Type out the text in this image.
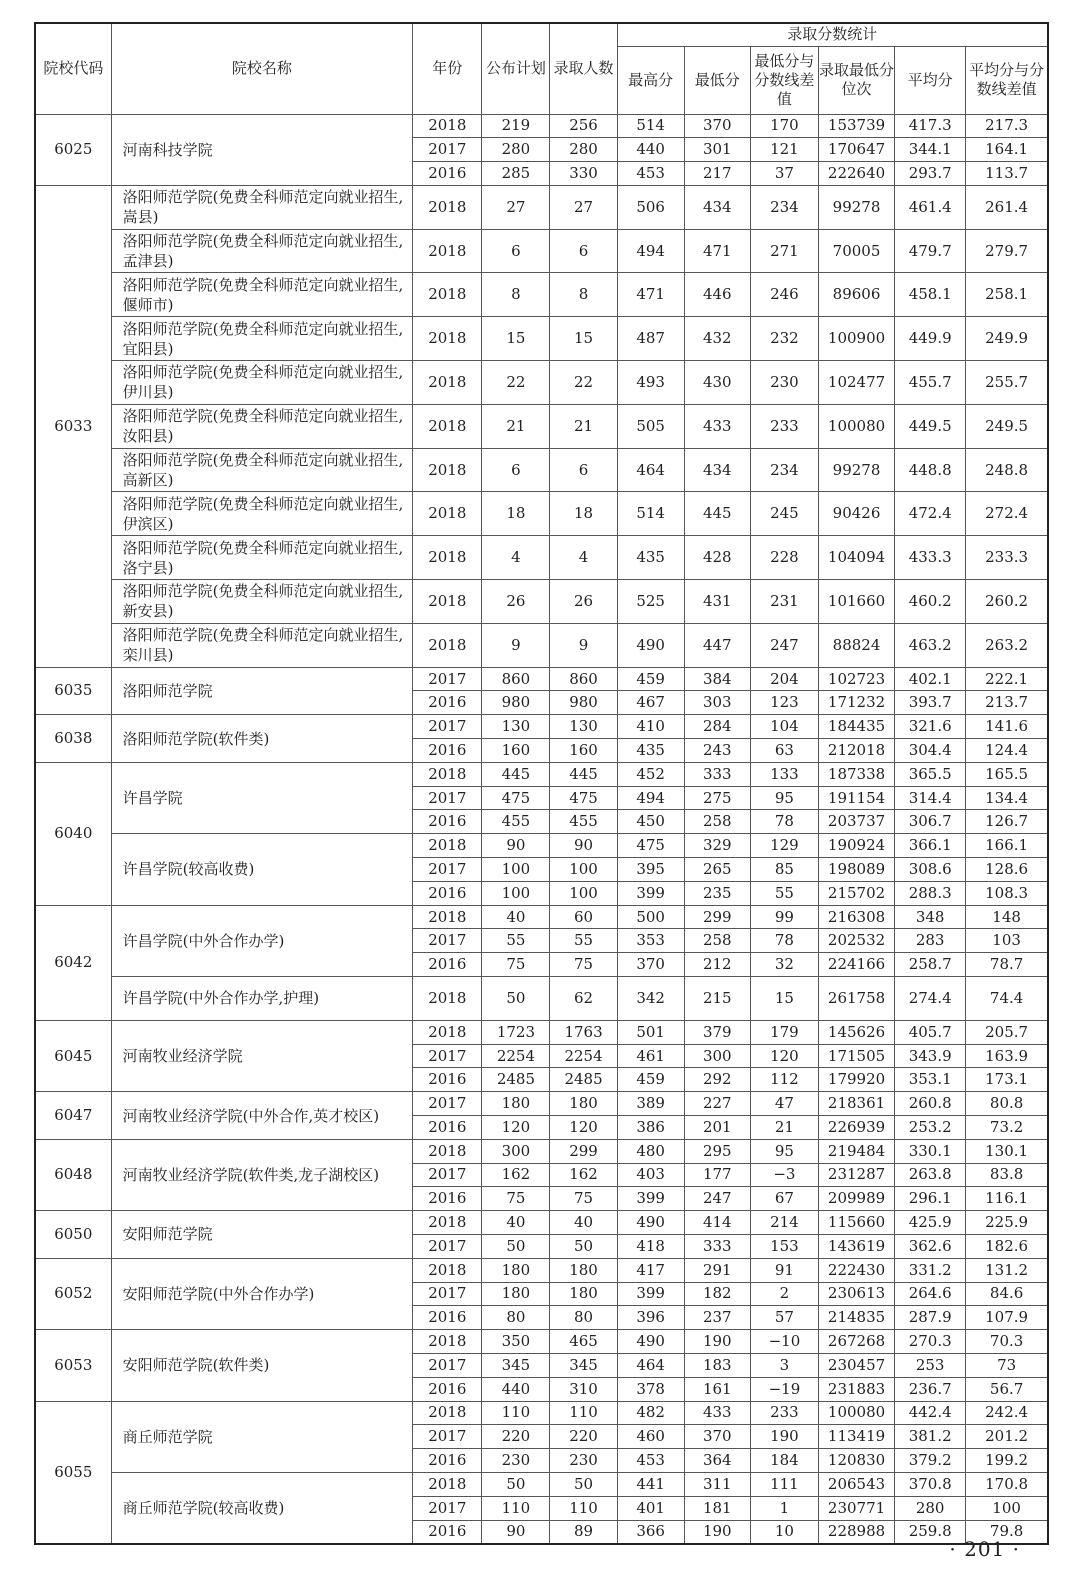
院校代码	院校名称	年份	公布计划	录取人数	录取分数统计					
					最高分	最低分	最低分与分数线差值	录取最低分位次	平均分	平均分与分数线差值
6025	河南科技学院	2018	219	256	514	370	170	153739	417.3	217.3
		2017	280	280	440	301	121	170647	344.1	164.1
		2016	285	330	453	217	37	222640	293.7	113.7
6033	洛阳师范学院(免费全科师范定向就业招生,嵩县)	2018	27	27	506	434	234	99278	461.4	261.4
	洛阳师范学院(免费全科师范定向就业招生,孟津县)	2018	6	6	494	471	271	70005	479.7	279.7
	洛阳师范学院(免费全科师范定向就业招生,偃师市)	2018	8	8	471	446	246	89606	458.1	258.1
	洛阳师范学院(免费全科师范定向就业招生,宜阳县)	2018	15	15	487	432	232	100900	449.9	249.9
	洛阳师范学院(免费全科师范定向就业招生,伊川县)	2018	22	22	493	430	230	102477	455.7	255.7
	洛阳师范学院(免费全科师范定向就业招生,汝阳县)	2018	21	21	505	433	233	100080	449.5	249.5
	洛阳师范学院(免费全科师范定向就业招生,高新区)	2018	6	6	464	434	234	99278	448.8	248.8
	洛阳师范学院(免费全科师范定向就业招生,伊滨区)	2018	18	18	514	445	245	90426	472.4	272.4
	洛阳师范学院(免费全科师范定向就业招生,洛宁县)	2018	4	4	435	428	228	104094	433.3	233.3
	洛阳师范学院(免费全科师范定向就业招生,新安县)	2018	26	26	525	431	231	101660	460.2	260.2
	洛阳师范学院(免费全科师范定向就业招生,栾川县)	2018	9	9	490	447	247	88824	463.2	263.2
6035	洛阳师范学院	2017	860	860	459	384	204	102723	402.1	222.1
		2016	980	980	467	303	123	171232	393.7	213.7
6038	洛阳师范学院(软件类)	2017	130	130	410	284	104	184435	321.6	141.6
		2016	160	160	435	243	63	212018	304.4	124.4
6040	许昌学院	2018	445	445	452	333	133	187338	365.5	165.5
		2017	475	475	494	275	95	191154	314.4	134.4
		2016	455	455	450	258	78	203737	306.7	126.7
	许昌学院(较高收费)	2018	90	90	475	329	129	190924	366.1	166.1
		2017	100	100	395	265	85	198089	308.6	128.6
		2016	100	100	399	235	55	215702	288.3	108.3
6042	许昌学院(中外合作办学)	2018	40	60	500	299	99	216308	348	148
		2017	55	55	353	258	78	202532	283	103
		2016	75	75	370	212	32	224166	258.7	78.7
	许昌学院(中外合作办学,护理)	2018	50	62	342	215	15	261758	274.4	74.4
6045	河南牧业经济学院	2018	1723	1763	501	379	179	145626	405.7	205.7
		2017	2254	2254	461	300	120	171505	343.9	163.9
		2016	2485	2485	459	292	112	179920	353.1	173.1
6047	河南牧业经济学院(中外合作,英才校区)	2017	180	180	389	227	47	218361	260.8	80.8
		2016	120	120	386	201	21	226939	253.2	73.2
6048	河南牧业经济学院(软件类,龙子湖校区)	2018	300	299	480	295	95	219484	330.1	130.1
		2017	162	162	403	177	−3	231287	263.8	83.8
		2016	75	75	399	247	67	209989	296.1	116.1
6050	安阳师范学院	2018	40	40	490	414	214	115660	425.9	225.9
		2017	50	50	418	333	153	143619	362.6	182.6
6052	安阳师范学院(中外合作办学)	2018	180	180	417	291	91	222430	331.2	131.2
		2017	180	180	399	182	2	230613	264.6	84.6
		2016	80	80	396	237	57	214835	287.9	107.9
6053	安阳师范学院(软件类)	2018	350	465	490	190	−10	267268	270.3	70.3
		2017	345	345	464	183	3	230457	253	73
		2016	440	310	378	161	−19	231883	236.7	56.7
6055	商丘师范学院	2018	110	110	482	433	233	100080	442.4	242.4
		2017	220	220	460	370	190	113419	381.2	201.2
		2016	230	230	453	364	184	120830	379.2	199.2
	商丘师范学院(较高收费)	2018	50	50	441	311	111	206543	370.8	170.8
		2017	110	110	401	181	1	230771	280	100
		2016	90	89	366	190	10	228988	259.8	79.8
· 201 ·
